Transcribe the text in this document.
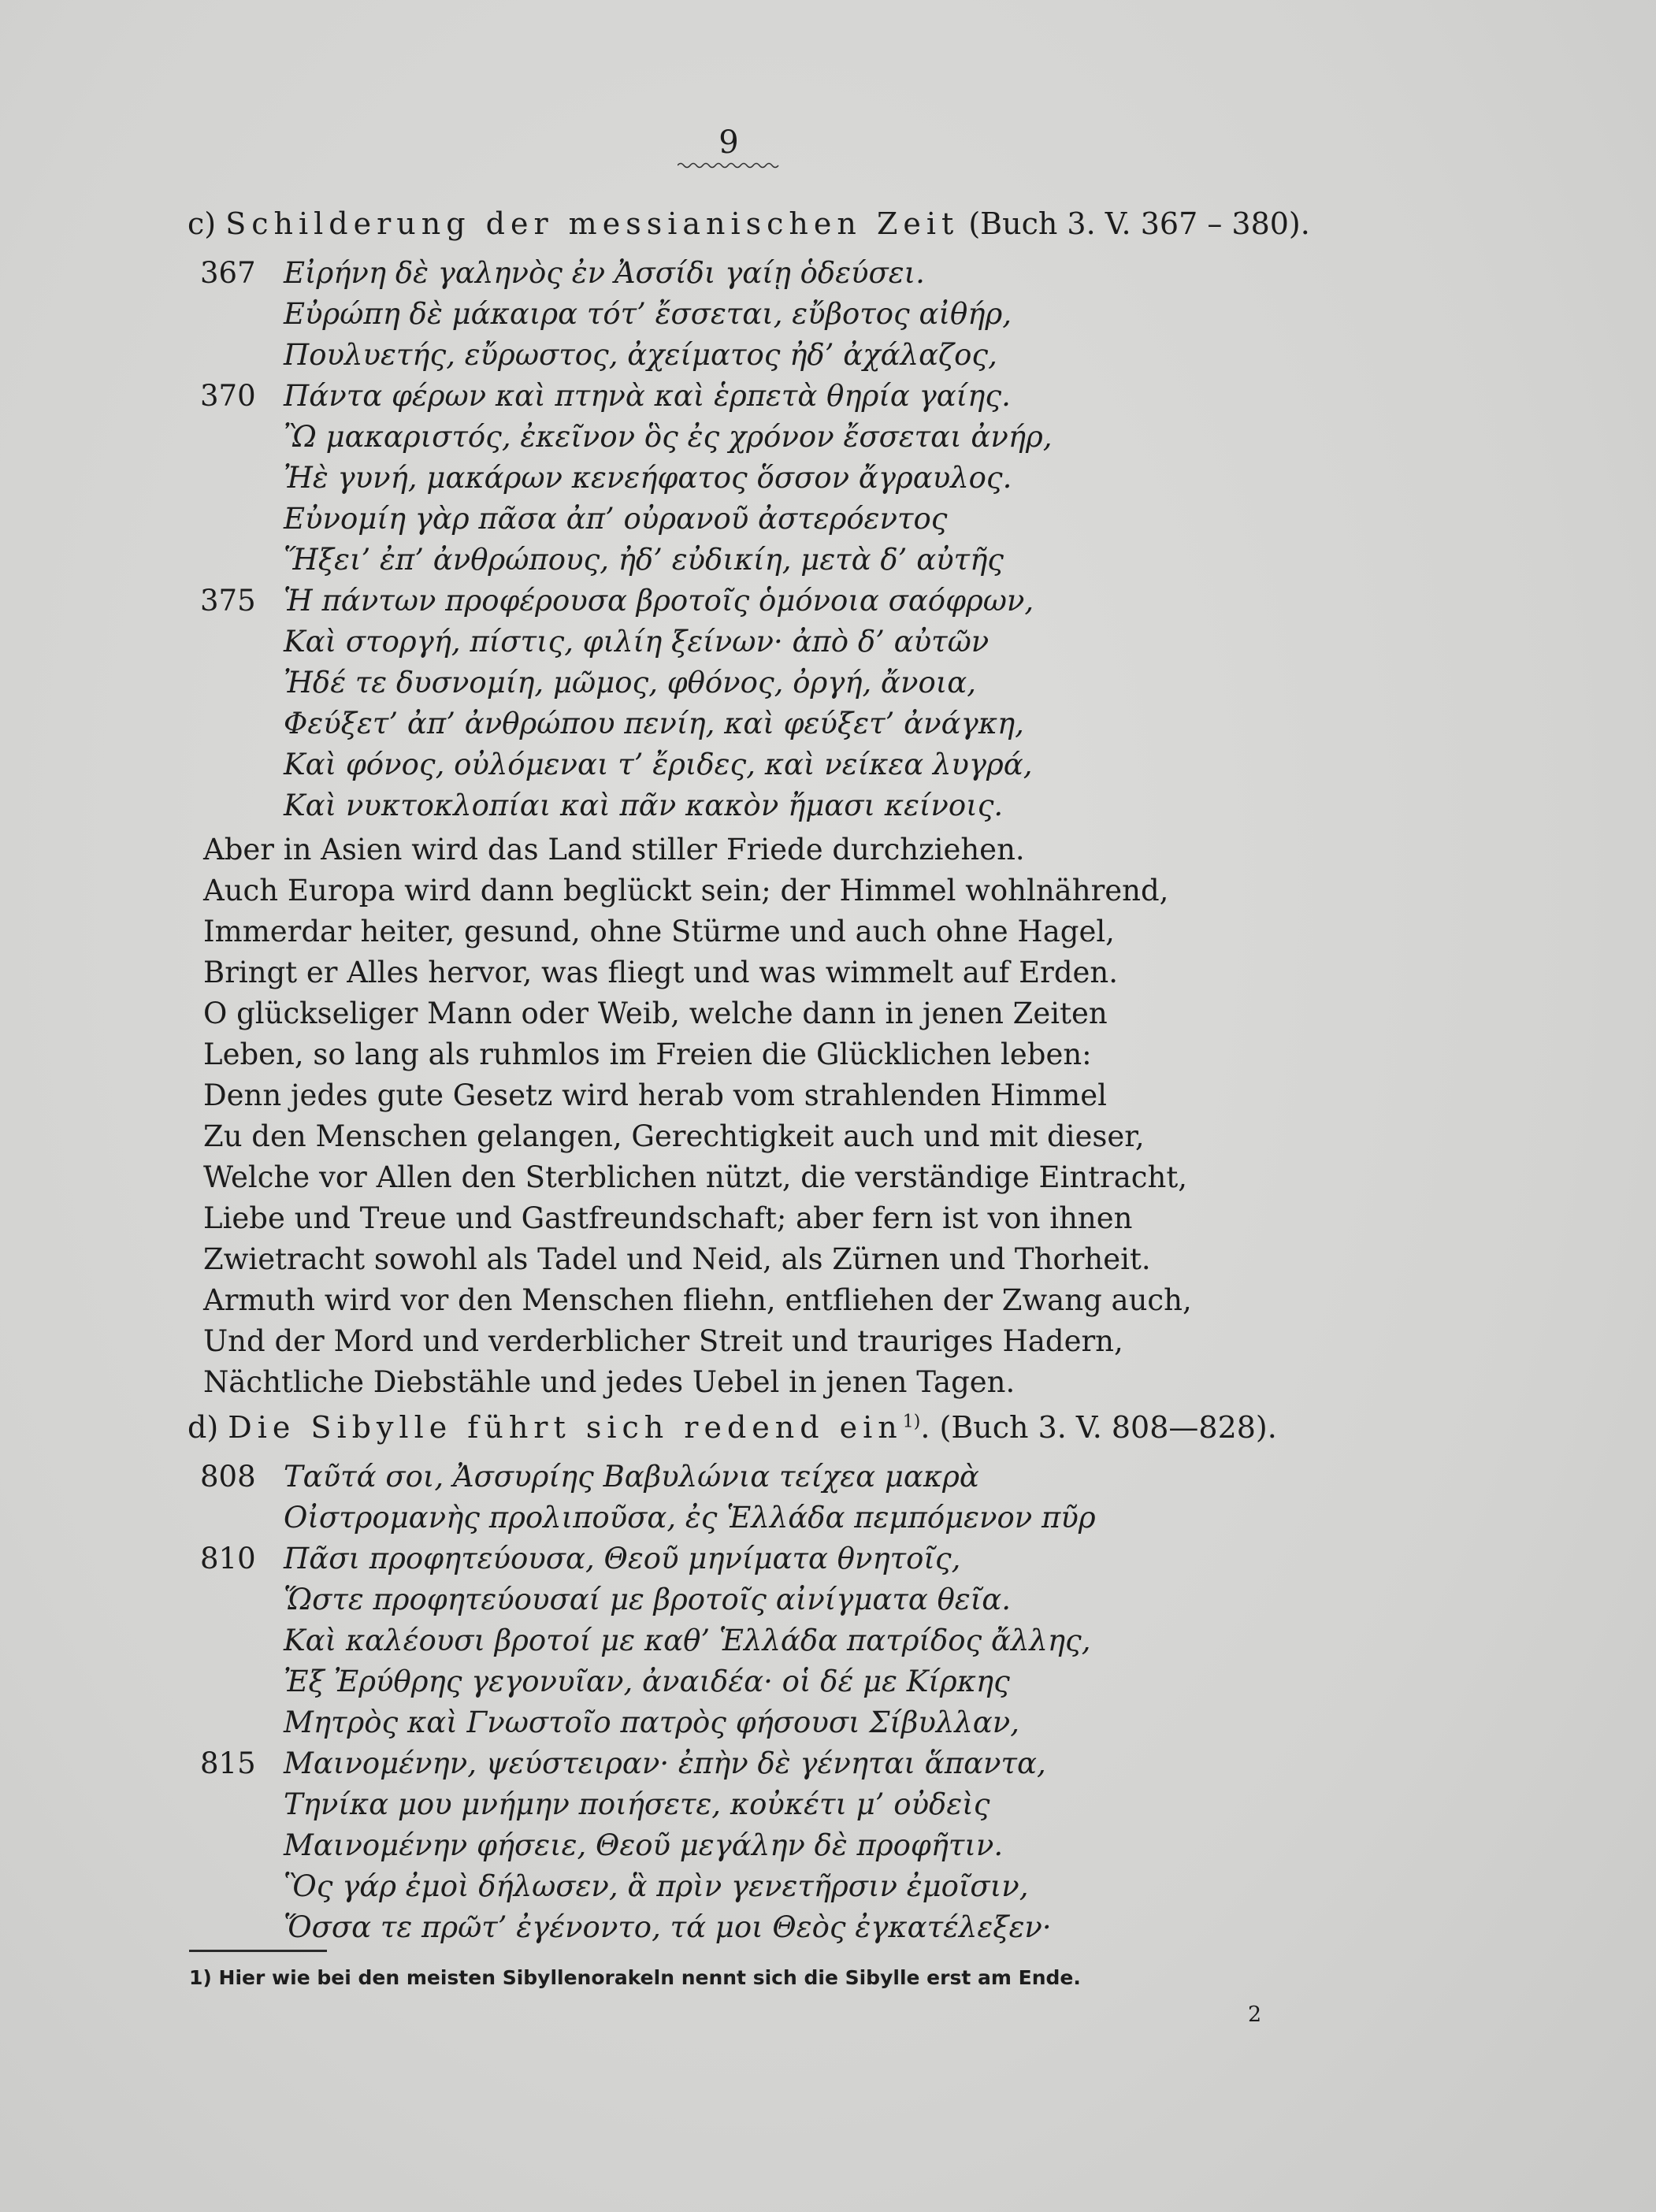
9
c) Schilderung der messianischen Zeit (Buch 3. V. 367 – 380).
367 Εἰρήνη δὲ γαληνὸς ἐν Ἀσσίδι γαίῃ ὁδεύσει.
Εὐρώπη δὲ μάκαιρα τότ’ ἔσσεται, εὔβοτος αἰθήρ,
Πουλυετής, εὔρωστος, ἀχείματος ἠδ’ ἀχάλαζος,
370 Πάντα φέρων καὶ πτηνὰ καὶ ἑρπετὰ θηρία γαίης.
Ὢ μακαριστός, ἐκεῖνον ὃς ἐς χρόνον ἔσσεται ἀνήρ,
Ἠὲ γυνή, μακάρων κενεήφατος ὅσσον ἄγραυλος.
Εὐνομίη γὰρ πᾶσα ἀπ’ οὐρανοῦ ἀστερόεντος
Ἥξει’ ἐπ’ ἀνθρώπους, ἠδ’ εὐδικίη, μετὰ δ’ αὐτῆς
375 Ἡ πάντων προφέρουσα βροτοῖς ὁμόνοια σαόφρων,
Καὶ στοργή, πίστις, φιλίη ξείνων· ἀπὸ δ’ αὐτῶν
Ἠδέ τε δυσνομίη, μῶμος, φθόνος, ὀργή, ἄνοια,
Φεύξετ’ ἀπ’ ἀνθρώπου πενίη, καὶ φεύξετ’ ἀνάγκη,
Καὶ φόνος, οὐλόμεναι τ’ ἔριδες, καὶ νείκεα λυγρά,
Καὶ νυκτοκλοπίαι καὶ πᾶν κακὸν ἤμασι κείνοις.
Aber in Asien wird das Land stiller Friede durchziehen.
Auch Europa wird dann beglückt sein; der Himmel wohlnährend,
Immerdar heiter, gesund, ohne Stürme und auch ohne Hagel,
Bringt er Alles hervor, was fliegt und was wimmelt auf Erden.
O glückseliger Mann oder Weib, welche dann in jenen Zeiten
Leben, so lang als ruhmlos im Freien die Glücklichen leben:
Denn jedes gute Gesetz wird herab vom strahlenden Himmel
Zu den Menschen gelangen, Gerechtigkeit auch und mit dieser,
Welche vor Allen den Sterblichen nützt, die verständige Eintracht,
Liebe und Treue und Gastfreundschaft; aber fern ist von ihnen
Zwietracht sowohl als Tadel und Neid, als Zürnen und Thorheit.
Armuth wird vor den Menschen fliehn, entfliehen der Zwang auch,
Und der Mord und verderblicher Streit und trauriges Hadern,
Nächtliche Diebstähle und jedes Uebel in jenen Tagen.
d) Die Sibylle führt sich redend ein$^{1)}$. (Buch 3. V. 808—828).
808 Ταῦτά σοι, Ἀσσυρίης Βαβυλώνια τείχεα μακρὰ
Οἰστρομανὴς προλιποῦσα, ἐς Ἑλλάδα πεμπόμενον πῦρ
810 Πᾶσι προφητεύουσα, Θεοῦ μηνίματα θνητοῖς,
Ὥστε προφητεύουσαί με βροτοῖς αἰνίγματα θεῖα.
Καὶ καλέουσι βροτοί με καθ’ Ἑλλάδα πατρίδος ἄλλης,
Ἐξ Ἐρύθρης γεγονυῖαν, ἀναιδέα· οἱ δέ με Κίρκης
Μητρὸς καὶ Γνωστοῖο πατρὸς φήσουσι Σίβυλλαν,
815 Μαινομένην, ψεύστειραν· ἐπὴν δὲ γένηται ἅπαντα,
Τηνίκα μου μνήμην ποιήσετε, κοὐκέτι μ’ οὐδεὶς
Μαινομένην φήσειε, Θεοῦ μεγάλην δὲ προφῆτιν.
Ὃς γάρ ἐμοὶ δήλωσεν, ἃ πρὶν γενετῆρσιν ἐμοῖσιν,
Ὅσσα τε πρῶτ’ ἐγένοντο, τά μοι Θεὸς ἐγκατέλεξεν·
1) Hier wie bei den meisten Sibyllenorakeln nennt sich die Sibylle erst am Ende.
2
